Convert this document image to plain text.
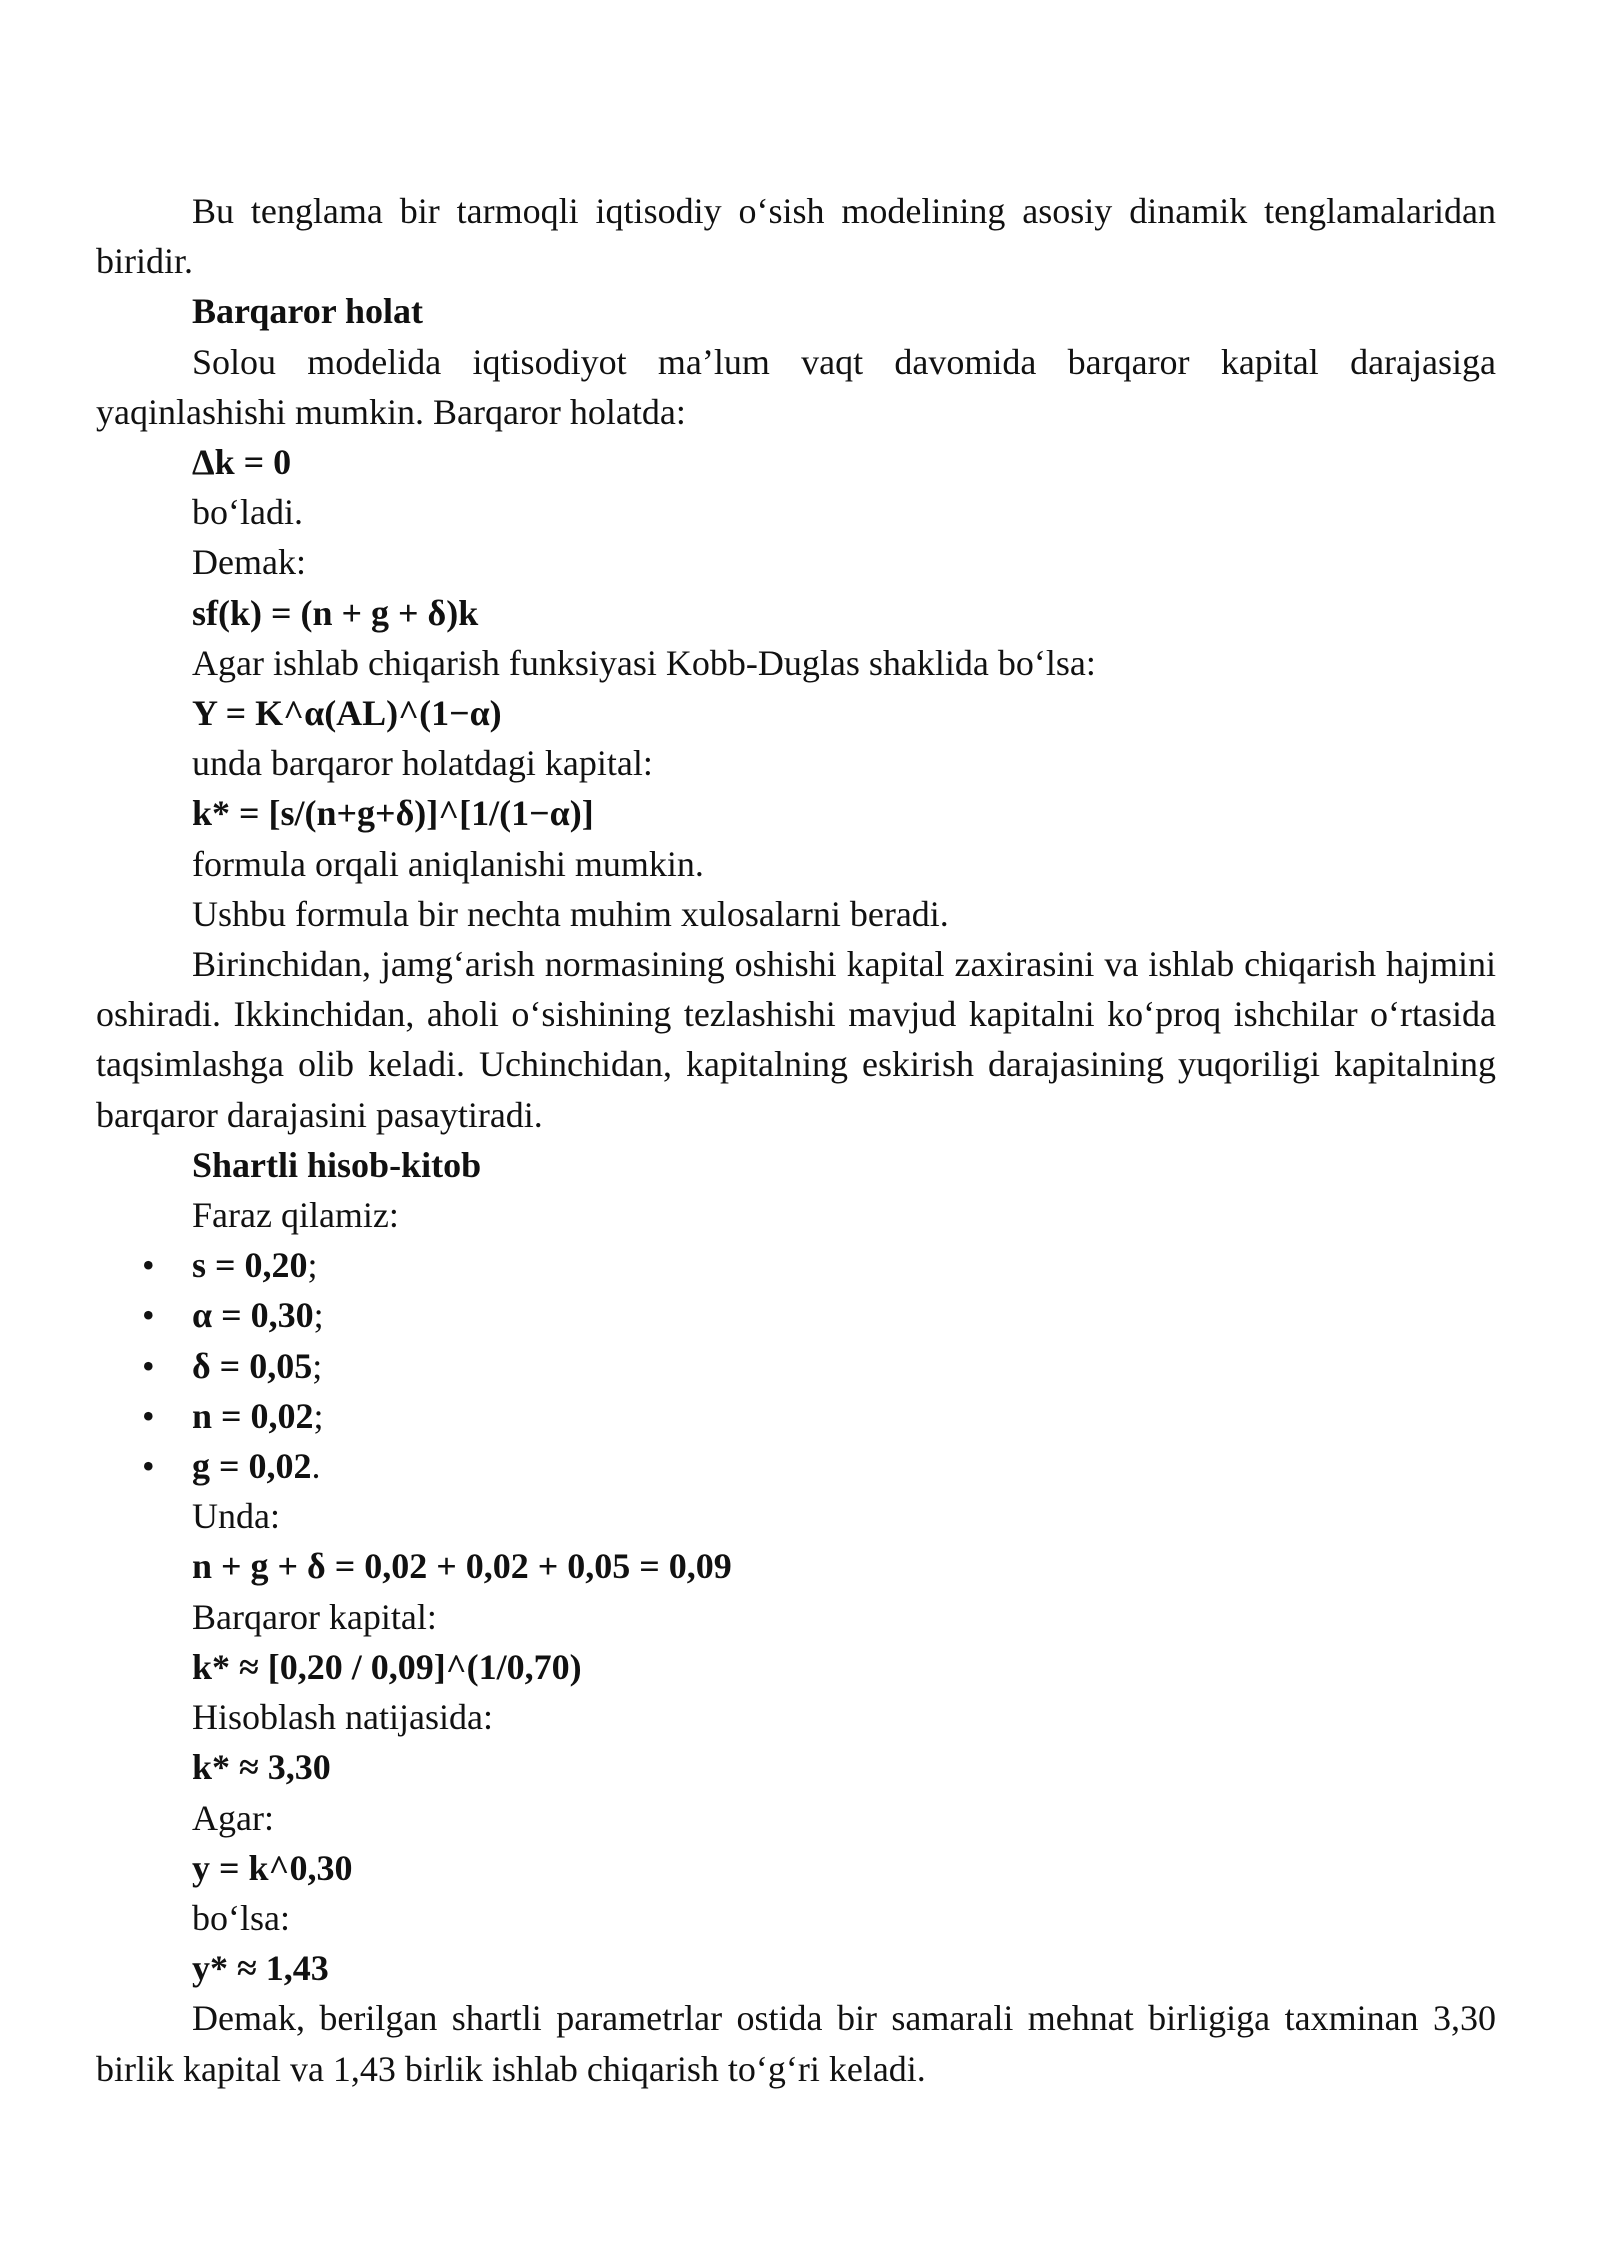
Bu tenglama bir tarmoqli iqtisodiy o‘sish modelining asosiy dinamik tenglamalaridan biridir.

Barqaror holat

Solou modelida iqtisodiyot ma’lum vaqt davomida barqaror kapital darajasiga yaqinlashishi mumkin. Barqaror holatda:

Δk = 0

bo‘ladi.

Demak:

sf(k) = (n + g + δ)k

Agar ishlab chiqarish funksiyasi Kobb-Duglas shaklida bo‘lsa:

Y = K^α(AL)^(1−α)

unda barqaror holatdagi kapital:

k* = [s/(n+g+δ)]^[1/(1−α)]

formula orqali aniqlanishi mumkin.

Ushbu formula bir nechta muhim xulosalarni beradi.

Birinchidan, jamg‘arish normasining oshishi kapital zaxirasini va ishlab chiqarish hajmini oshiradi. Ikkinchidan, aholi o‘sishining tezlashishi mavjud kapitalni ko‘proq ishchilar o‘rtasida taqsimlashga olib keladi. Uchinchidan, kapitalning eskirish darajasining yuqoriligi kapitalning barqaror darajasini pasaytiradi.

Shartli hisob-kitob

Faraz qilamiz:

• s = 0,20;
• α = 0,30;
• δ = 0,05;
• n = 0,02;
• g = 0,02.

Unda:

n + g + δ = 0,02 + 0,02 + 0,05 = 0,09

Barqaror kapital:

k* ≈ [0,20 / 0,09]^(1/0,70)

Hisoblash natijasida:

k* ≈ 3,30

Agar:

y = k^0,30

bo‘lsa:

y* ≈ 1,43

Demak, berilgan shartli parametrlar ostida bir samarali mehnat birligiga taxminan 3,30 birlik kapital va 1,43 birlik ishlab chiqarish to‘g‘ri keladi.
